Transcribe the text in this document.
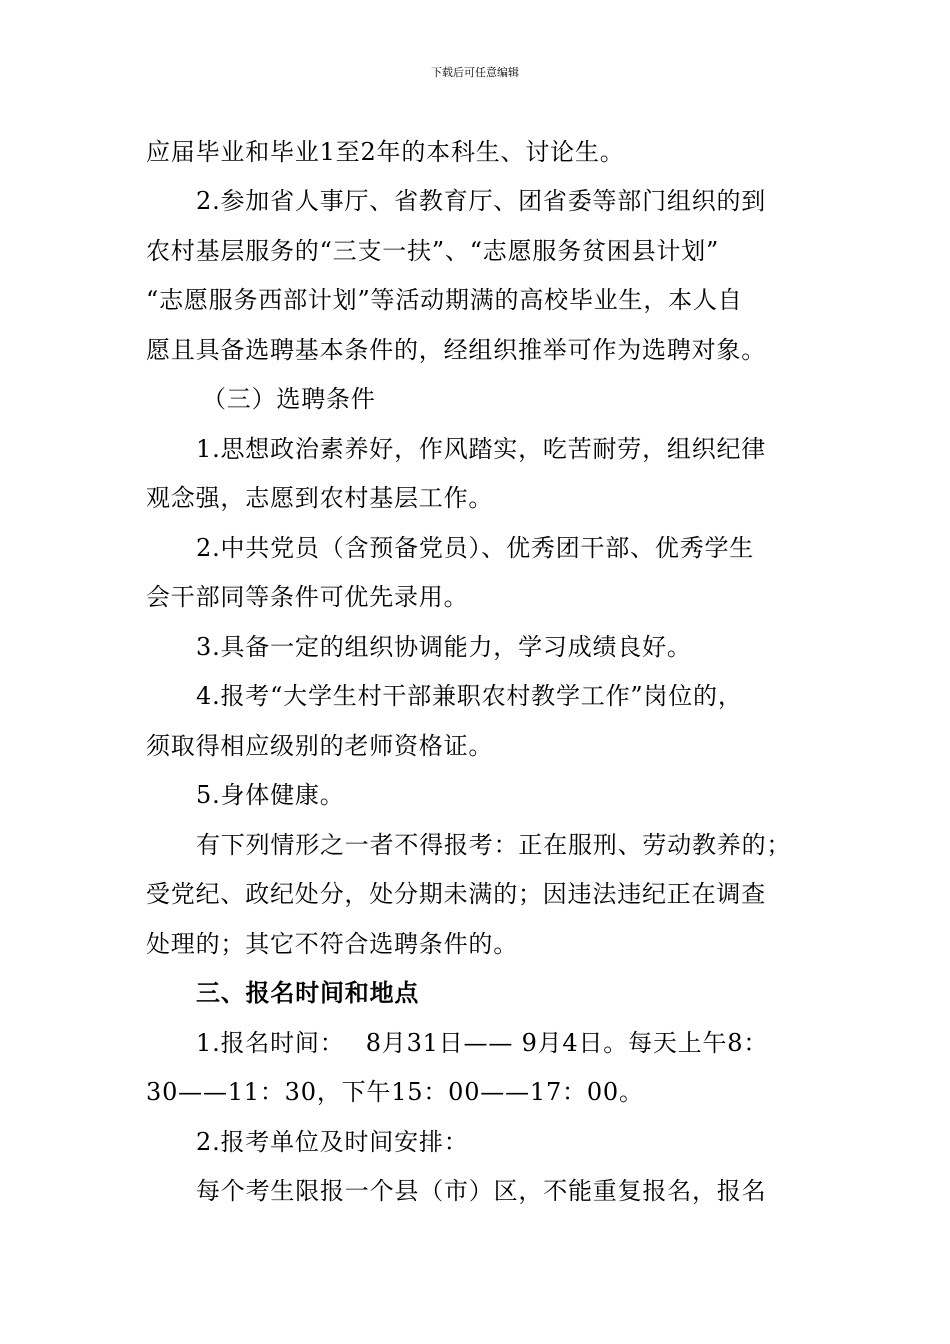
下载后可任意编辑
应届毕业和毕业1至2年的本科生、讨论生。
2.参加省人事厅、省教育厅、团省委等部门组织的到
农村基层服务的“三支一扶”、“志愿服务贫困县计划”
“志愿服务西部计划”等活动期满的高校毕业生，本人自
愿且具备选聘基本条件的，经组织推举可作为选聘对象。
（三）选聘条件
1.思想政治素养好，作风踏实，吃苦耐劳，组织纪律
观念强，志愿到农村基层工作。
2.中共党员（含预备党员）、优秀团干部、优秀学生
会干部同等条件可优先录用。
3.具备一定的组织协调能力，学习成绩良好。
4.报考“大学生村干部兼职农村教学工作”岗位的，
须取得相应级别的老师资格证。
5.身体健康。
有下列情形之一者不得报考：正在服刑、劳动教养的；
受党纪、政纪处分，处分期未满的；因违法违纪正在调查
处理的；其它不符合选聘条件的。
三、报名时间和地点
1.报名时间：　 8月31日—— 9月4日。每天上午8：
30——11：30，下午15：00——17：00。
2.报考单位及时间安排：
每个考生限报一个县（市）区，不能重复报名，报名
